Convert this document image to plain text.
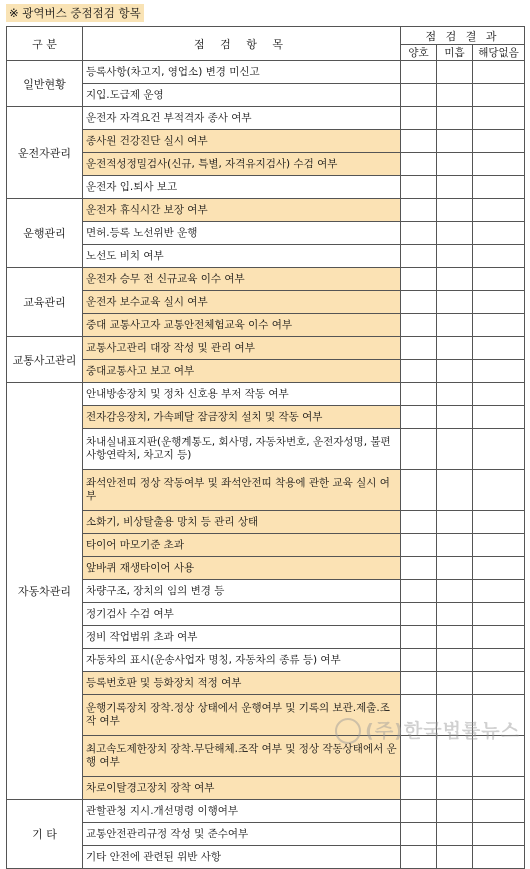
※ 광역버스 중점점검 항목
구 분	점 검 항 목	점 검 결 과		
		양호	미흡	해당없음
일반현황	등록사항(차고지, 영업소) 변경 미신고			
	지입.도급제 운영			
운전자관리	운전자 자격요건 부적격자 종사 여부			
	종사원 건강진단 실시 여부			
	운전적성정밀검사(신규, 특별, 자격유지검사) 수검 여부			
	운전자 입.퇴사 보고			
운행관리	운전자 휴식시간 보장 여부			
	면허.등록 노선위반 운행			
	노선도 비치 여부			
교육관리	운전자 승무 전 신규교육 이수 여부			
	운전자 보수교육 실시 여부			
	중대 교통사고자 교통안전체험교육 이수 여부			
교통사고관리	교통사고관리 대장 작성 및 관리 여부			
	중대교통사고 보고 여부			
자동차관리	안내방송장치 및 정차 신호용 부저 작동 여부			
	전자감응장치, 가속페달 잠금장치 설치 및 작동 여부			
	차내실내표지판(운행계통도, 회사명, 자동차번호, 운전자성명, 불편사항연락처, 차고지 등)			
	좌석안전띠 정상 작동여부 및 좌석안전띠 착용에 관한 교육 실시 여부			
	소화기, 비상탈출용 망치 등 관리 상태			
	타이어 마모기준 초과			
	앞바퀴 재생타이어 사용			
	차량구조, 장치의 임의 변경 등			
	정기검사 수검 여부			
	정비 작업범위 초과 여부			
	자동차의 표시(운송사업자 명칭, 자동차의 종류 등) 여부			
	등록번호판 및 등화장치 적정 여부			
	운행기록장치 장착.정상 상태에서 운행여부 및 기록의 보관.제출.조작 여부			
	최고속도제한장치 장착.무단해체.조작 여부 및 정상 작동상태에서 운행 여부			
	차로이탈경고장치 장착 여부			
기 타	관할관청 지시.개선명령 이행여부			
	교통안전관리규정 작성 및 준수여부			
	기타 안전에 관련된 위반 사항			
(주)한국법률뉴스
